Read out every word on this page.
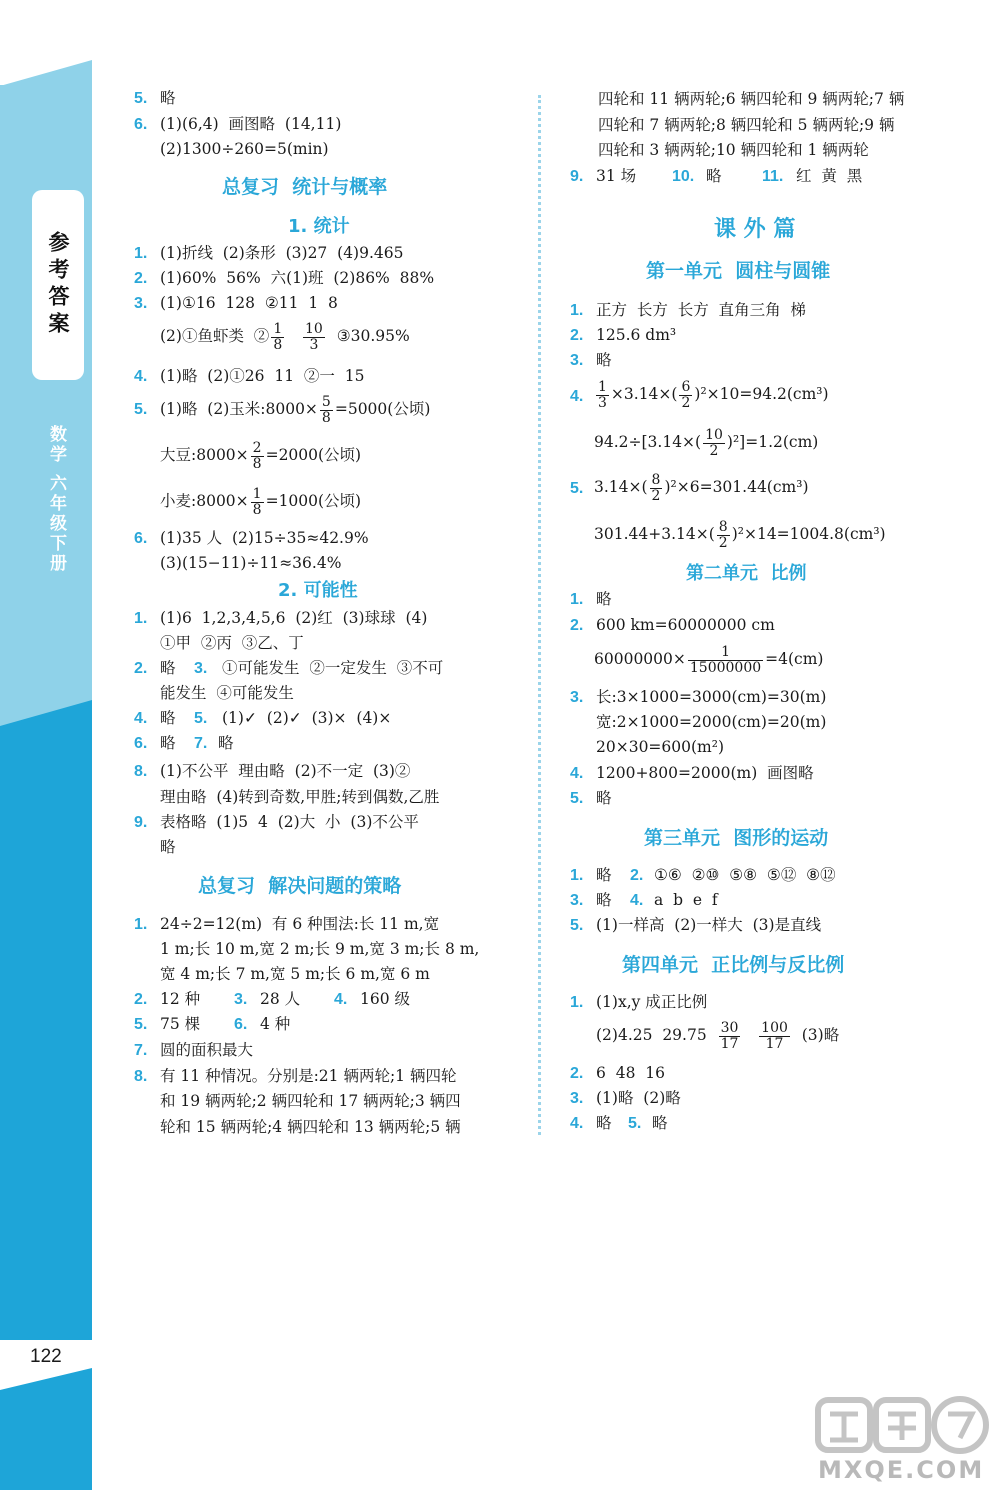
参考答案
数学 六年级下册
122
5. 略
6. (1)(6,4)  画图略  (14,11)
(2)1300÷260=5(min)
总复习  统计与概率
1. 统计
1. (1)折线  (2)条形  (3)27  (4)9.465
2. (1)60%  56%  六(1)班  (2)86%  88%
3. (1)①16  128  ②11  1  8
(2)①鱼虾类  ② $\frac{1}{8}$
$\frac{10}{3}$ ③30.95%
4. (1)略  (2)①26  11  ②一  15
5. (1)略  (2)玉米:8000× $\frac{5}{8} =5000$(公顷)
大豆:8000× $\frac{2}{8} =2000$(公顷)
小麦:8000× $\frac{1}{8} =1000$(公顷)
6. (1)35 人  (2)15÷35≈42.9%
(3)(15−11)÷11≈36.4%
2. 可能性
1. (1)6  1,2,3,4,5,6  (2)红  (3)球球  (4)
①甲  ②丙  ③乙、丁
2. 略 3. ①可能发生  ②一定发生  ③不可
能发生  ④可能发生
4. 略 5. (1)✓  (2)✓  (3)×  (4)×
6. 略 7. 略
8. (1)不公平  理由略  (2)不一定  (3)②
理由略  (4)转到奇数,甲胜;转到偶数,乙胜
9. 表格略  (1)5  4  (2)大  小  (3)不公平
略
总复习  解决问题的策略
1. 24÷2=12(m)  有 6 种围法:长 11 m,宽
1 m;长 10 m,宽 2 m;长 9 m,宽 3 m;长 8 m,
宽 4 m;长 7 m,宽 5 m;长 6 m,宽 6 m
2. 12 种 3. 28 人 4. 160 级
5. 75 棵 6. 4 种
7. 圆的面积最大
8. 有 11 种情况。分别是:21 辆两轮;1 辆四轮
和 19 辆两轮;2 辆四轮和 17 辆两轮;3 辆四
轮和 15 辆两轮;4 辆四轮和 13 辆两轮;5 辆
四轮和 11 辆两轮;6 辆四轮和 9 辆两轮;7 辆
四轮和 7 辆两轮;8 辆四轮和 5 辆两轮;9 辆
四轮和 3 辆两轮;10 辆四轮和 1 辆两轮
9. 31 场 10. 略	11. 红  黄  黑
课 外 篇
第一单元  圆柱与圆锥
1. 正方  长方  长方  直角三角  梯
2. 125.6 dm³
3. 略
4. $\frac{1}{3} \times 3.14\times( \frac{6}{2} )^2\times 10=94.2(cm^3)$
$94.2\div[3.14\times( \frac{10}{2} )^2]=1.2(cm)$
5. $3.14\times( \frac{8}{2} )^2\times 6=301.44(cm^3)$
$301.44+3.14\times( \frac{8}{2} )^2\times 14=1004.8(cm^3)$
第二单元  比例
1. 略
2. 600 km=60000000 cm
$60000000\times \frac{1}{15000000} =4(cm)$
3. 长:3×1000=3000(cm)=30(m)
宽:2×1000=2000(cm)=20(m)
20×30=600(m²)
4. 1200+800=2000(m)  画图略
5. 略
第三单元  图形的运动
1. 略 2. ①⑥  ②⑩  ⑤⑧  ⑤⑫  ⑧⑫
3. 略 4. a  b  e  f
5. (1)一样高  (2)一样大  (3)是直线
第四单元  正比例与反比例
1. (1)x,y 成正比例
(2)4.25  $29.75 \frac{30}{17}$
$\frac{100}{17} (3)$略
2. 6  48  16
3. (1)略  (2)略
4. 略 5. 略
MXQE.COM
